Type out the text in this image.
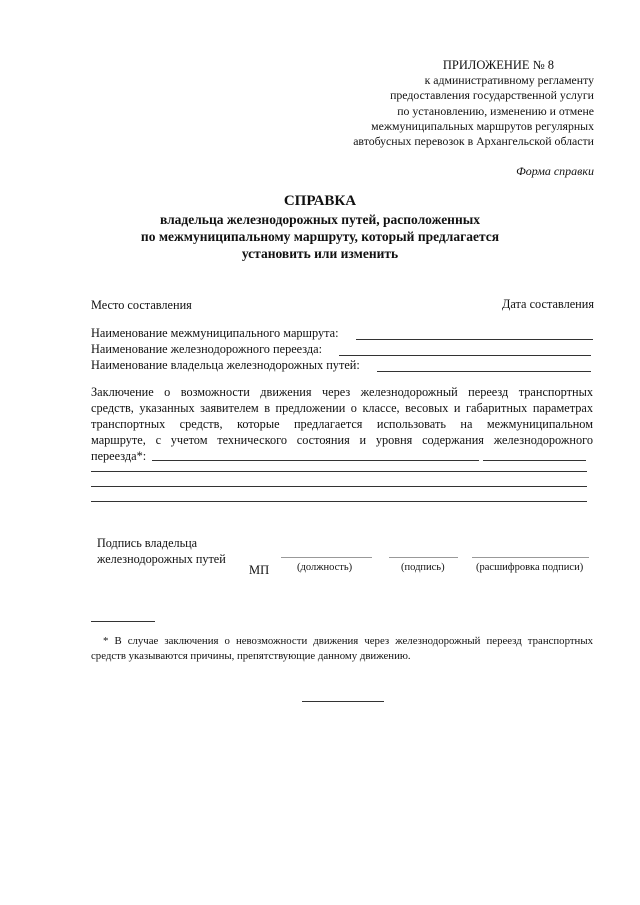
ПРИЛОЖЕНИЕ № 8
к административному регламенту
предоставления государственной услуги
по установлению, изменению и отмене
межмуниципальных маршрутов регулярных
автобусных перевозок в Архангельской области
Форма справки
СПРАВКА
владельца железнодорожных путей, расположенных
по межмуниципальному маршруту, который предлагается
установить или изменить
Место составления	Дата составления
Наименование межмуниципального маршрута:
Наименование железнодорожного переезда:
Наименование владельца железнодорожных путей:
Заключение о возможности движения через железнодорожный переезд транспортных
средств, указанных заявителем в предложении о классе, весовых и габаритных параметрах
транспортных средств, которые предлагается использовать на межмуниципальном
маршруте, с учетом технического состояния и уровня содержания железнодорожного
переезда*:
Подпись владельца
железнодорожных путей
(должность)	(подпись)	(расшифровка подписи)
МП
* В случае заключения о невозможности движения через железнодорожный переезд транспортных
средств указываются причины, препятствующие данному движению.
